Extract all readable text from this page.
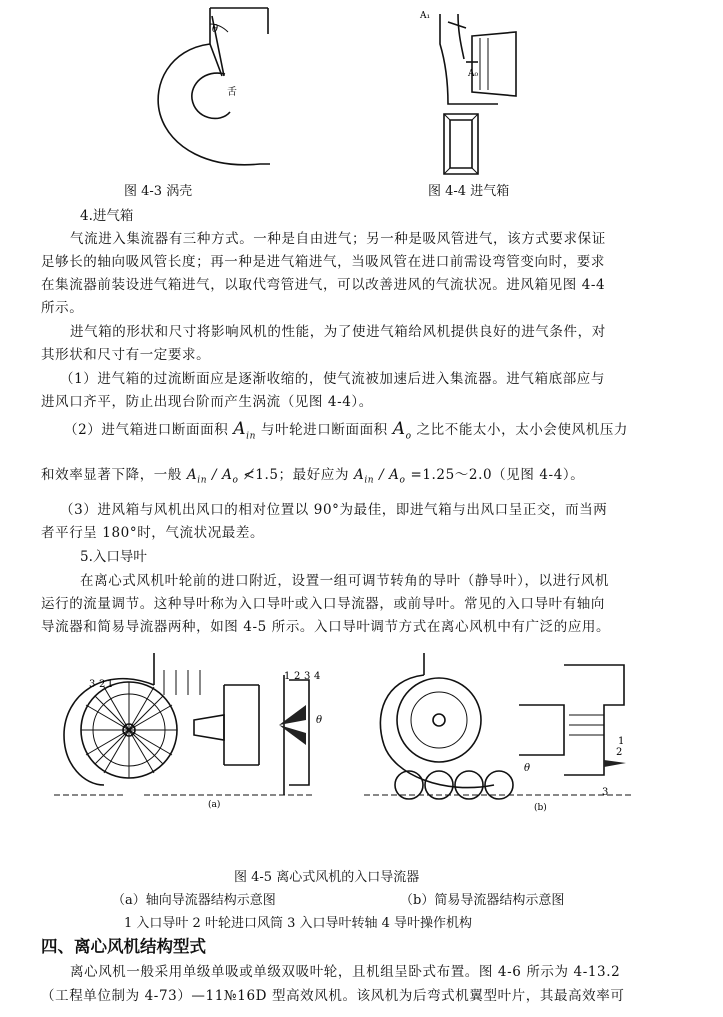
θ
舌
图 4-3 涡壳
A₁
A₀
图 4-4 进气箱
4.进气箱
气流进入集流器有三种方式。一种是自由进气；另一种是吸风管进气，该方式要求保证
足够长的轴向吸风管长度；再一种是进气箱进气，当吸风管在进口前需设弯管变向时，要求
在集流器前装设进气箱进气，以取代弯管进气，可以改善进风的气流状况。进风箱见图 4-4
所示。
进气箱的形状和尺寸将影响风机的性能，为了使进气箱给风机提供良好的进气条件，对
其形状和尺寸有一定要求。
（1）进气箱的过流断面应是逐渐收缩的，使气流被加速后进入集流器。进气箱底部应与
进风口齐平，防止出现台阶而产生涡流（见图 4-4）。
（2）进气箱进口断面面积 $A_{in}$ 与叶轮进口断面面积 $A_o$ 之比不能太小，太小会使风机压力
和效率显著下降，一般 $A_{in} / A_o$ ≮1.5；最好应为 $A_{in} / A_o$ =1.25～2.0（见图 4-4）。
（3）进风箱与风机出风口的相对位置以 90°为最佳，即进气箱与出风口呈正交，而当两
者平行呈 180°时，气流状况最差。
5.入口导叶
在离心式风机叶轮前的进口附近，设置一组可调节转角的导叶（静导叶），以进行风机
运行的流量调节。这种导叶称为入口导叶或入口导流器，或前导叶。常见的入口导叶有轴向
导流器和简易导流器两种，如图 4-5 所示。入口导叶调节方式在离心风机中有广泛的应用。
3 2 1
1 2 3 4
θ
(a)
2
1
3
θ
(b)
图 4-5 离心式风机的入口导流器
（a）轴向导流器结构示意图	（b）简易导流器结构示意图
1 入口导叶 2 叶轮进口风筒 3 入口导叶转轴 4 导叶操作机构
四、离心风机结构型式
离心风机一般采用单级单吸或单级双吸叶轮，且机组呈卧式布置。图 4-6 所示为 4-13.2
（工程单位制为 4-73）—11№16D 型高效风机。该风机为后弯式机翼型叶片，其最高效率可
